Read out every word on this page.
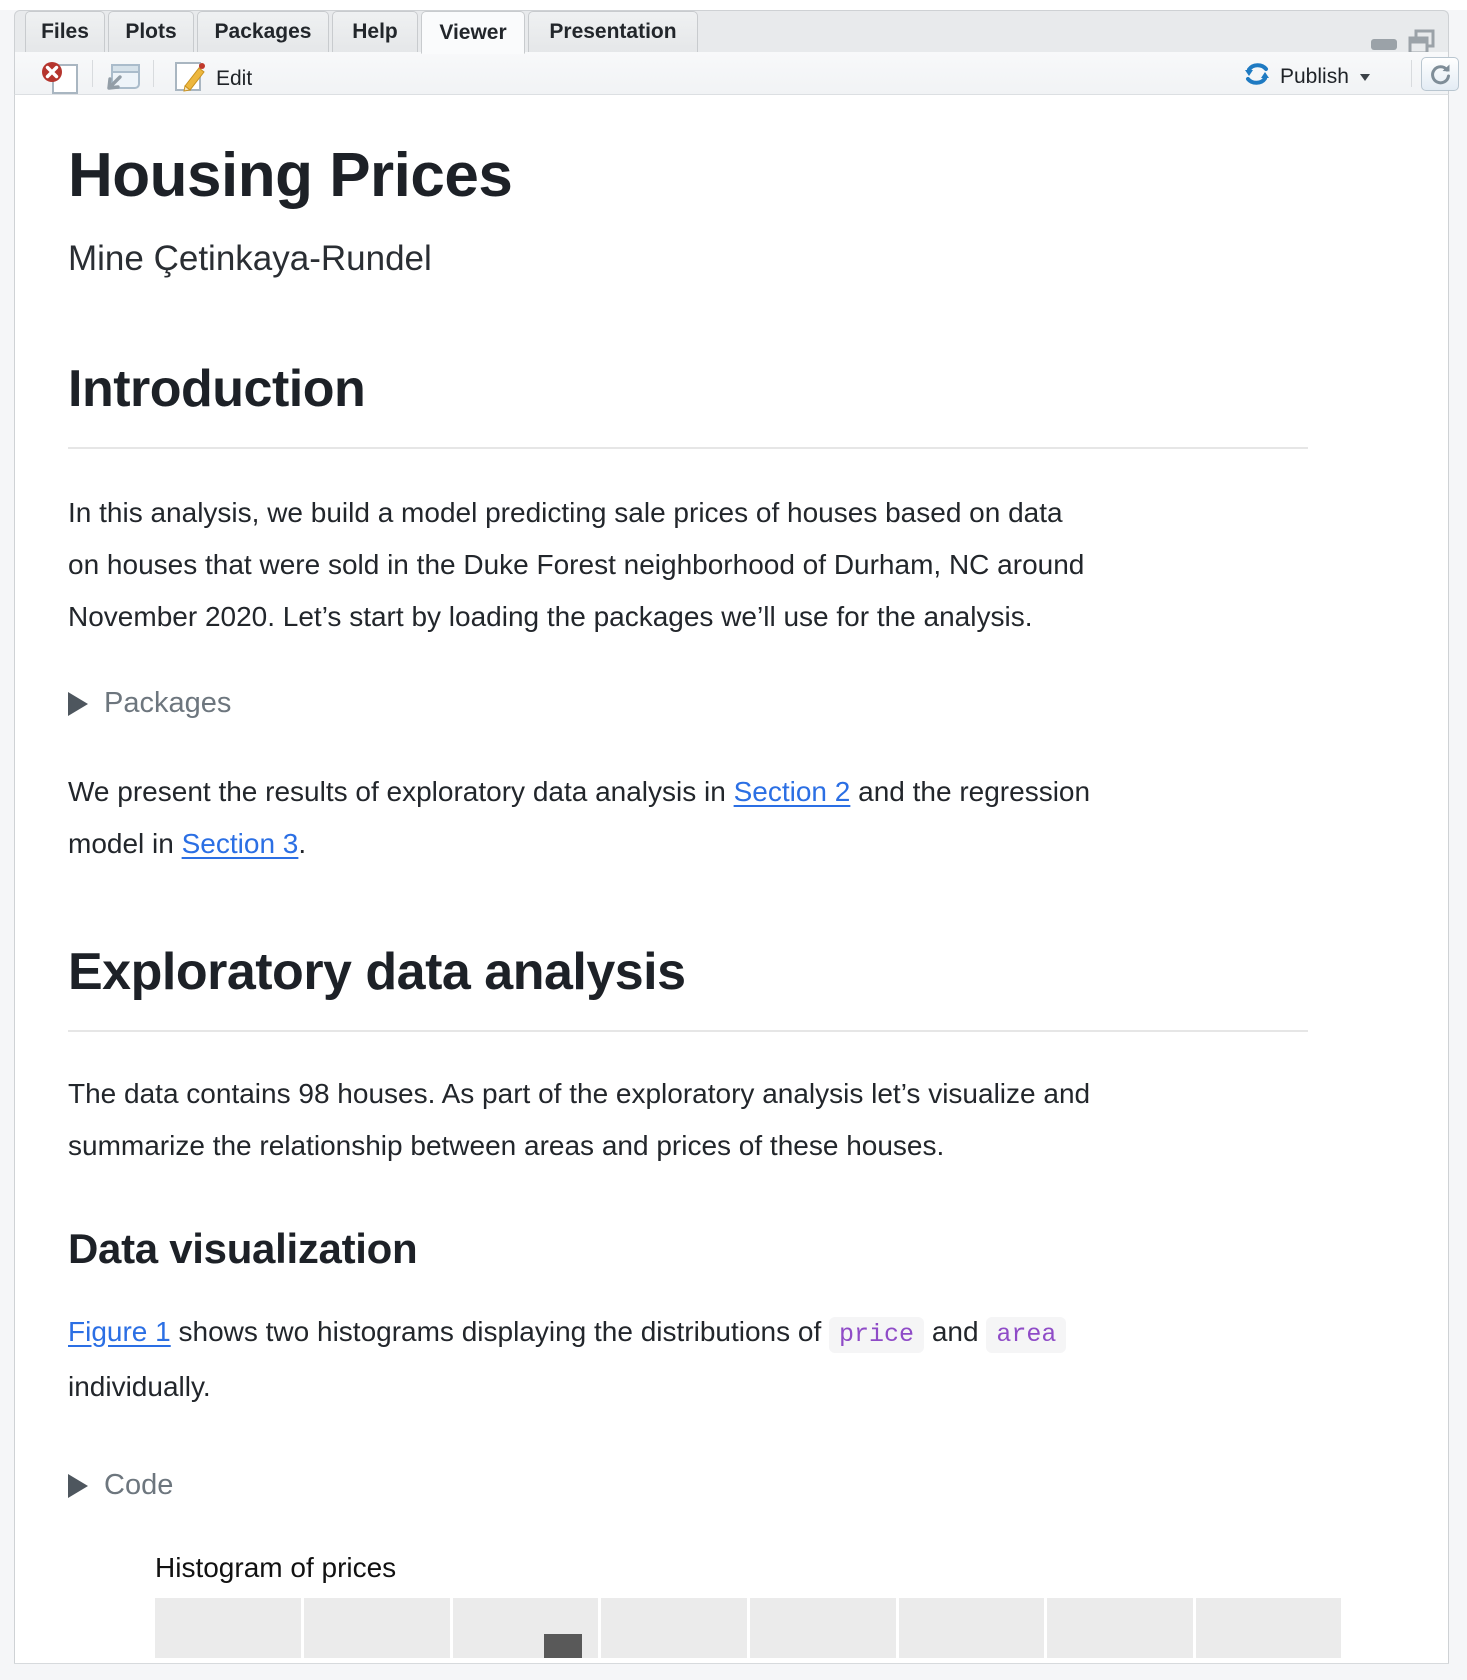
Files Plots Packages Help Viewer Presentation
Edit	Publish
Housing Prices
Mine Çetinkaya-Rundel
Introduction
In this analysis, we build a model predicting sale prices of houses based on data
on houses that were sold in the Duke Forest neighborhood of Durham, NC around
November 2020. Let’s start by loading the packages we’ll use for the analysis.
Packages
We present the results of exploratory data analysis in Section 2 and the regression
model in Section 3.
Exploratory data analysis
The data contains 98 houses. As part of the exploratory analysis let’s visualize and
summarize the relationship between areas and prices of these houses.
Data visualization
Figure 1 shows two histograms displaying the distributions of price and area
individually.
Code
Histogram of prices
